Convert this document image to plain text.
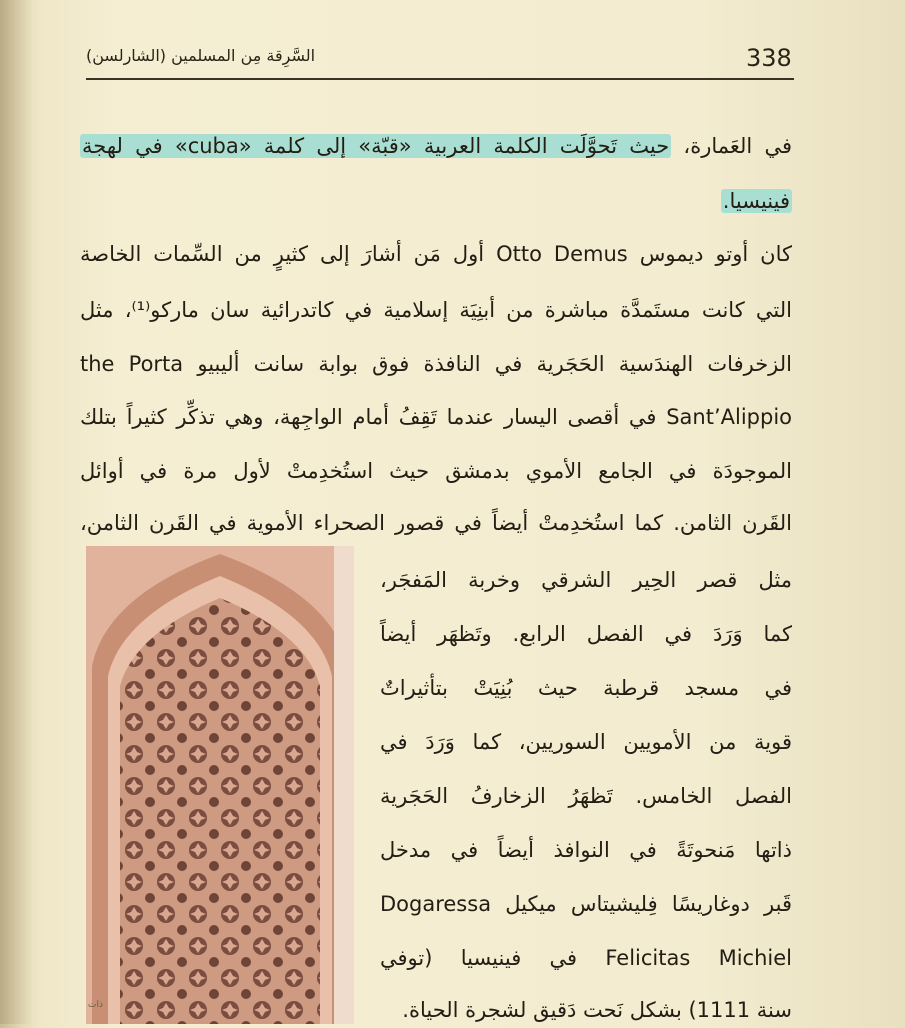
338
السَّرِقة مِن المسلمين (الشارلسن)
في العَمارة، حيث تَحوَّلَت الكلمة العربية «قبّة» إلى كلمة «cuba» في لهجة
فينيسيا.
كان أوتو ديموس Otto Demus أول مَن أشارَ إلى كثيرٍ من السِّمات الخاصة
التي كانت مستَمدَّة مباشرة من أبنِيَة إسلامية في كاتدرائية سان ماركو⁽¹⁾، مثل
الزخرفات الهندَسية الحَجَرية في النافذة فوق بوابة سانت أليبيو the Porta
Sant’Alippio في أقصى اليسار عندما تَقِفُ أمام الواجِهة، وهي تذكِّر كثيراً بتلك
الموجودَة في الجامع الأموي بدمشق حيث استُخدِمتْ لأول مرة في أوائل
القَرن الثامن. كما استُخدِمتْ أيضاً في قصور الصحراء الأموية في القَرن الثامن،
مثل قصر الحِير الشرقي وخربة المَفجَر،
كما وَرَدَ في الفصل الرابع. وتَظهَر أيضاً
في مسجد قرطبة حيث بُنِيَتْ بتأثيراتٌ
قوية من الأمويين السوريين، كما وَرَدَ في
الفصل الخامس. تَظهَرُ الزخارفُ الحَجَرية
ذاتها مَنحوتَةً في النوافذ أيضاً في مدخل
قَبر دوغاريسًا فِليشيتاس ميكيل Dogaressa
Felicitas Michiel في فينيسيا (توفي
سنة 1111) بشكل نَحت دَقيق لشجرة الحياة.
ذات
